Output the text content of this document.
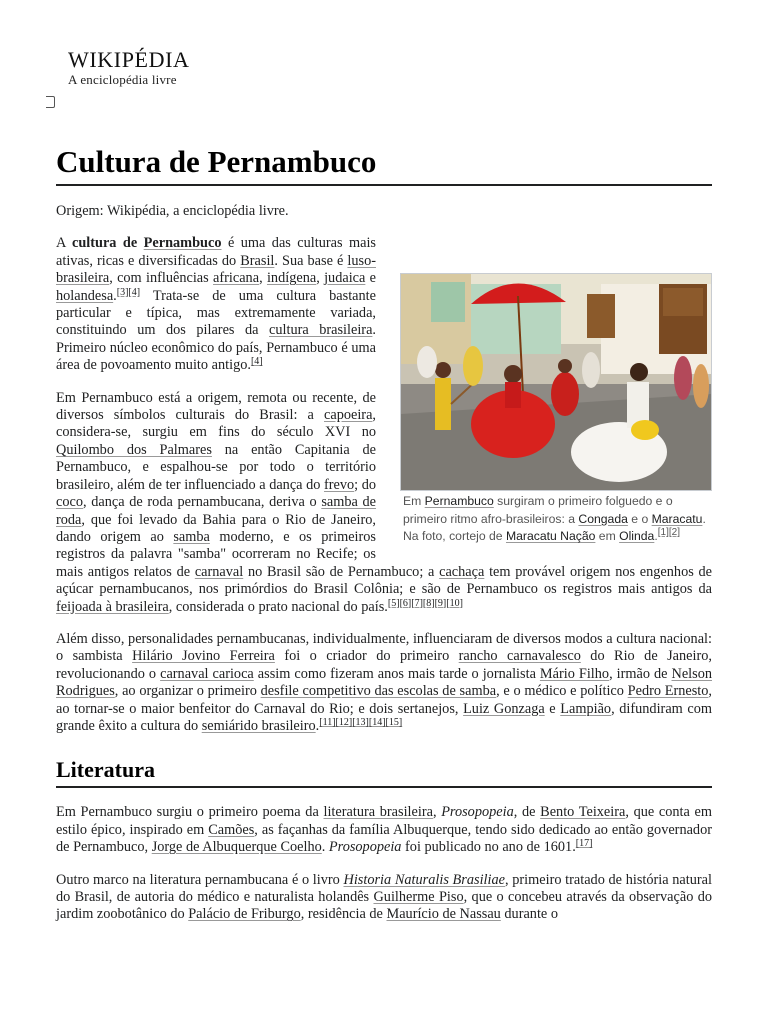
WIKIPÉDIA
A enciclopédia livre
Cultura de Pernambuco
Origem: Wikipédia, a enciclopédia livre.
Em Pernambuco surgiram o primeiro folguedo e o primeiro ritmo afro-brasileiros: a Congada e o Maracatu. Na foto, cortejo de Maracatu Nação em Olinda.[1][2]

A cultura de Pernambuco é uma das culturas mais ativas, ricas e diversificadas do Brasil. Sua base é luso-brasileira, com influências africana, indígena, judaica e holandesa.[3][4] Trata-se de uma cultura bastante particular e típica, mas extremamente variada, constituindo um dos pilares da cultura brasileira. Primeiro núcleo econômico do país, Pernambuco é uma área de povoamento muito antigo.[4]

Em Pernambuco está a origem, remota ou recente, de diversos símbolos culturais do Brasil: a capoeira, considera-se, surgiu em fins do século XVI no Quilombo dos Palmares na então Capitania de Pernambuco, e espalhou-se por todo o território brasileiro, além de ter influenciado a dança do frevo; do coco, dança de roda pernambucana, deriva o samba de roda, que foi levado da Bahia para o Rio de Janeiro, dando origem ao samba moderno, e os primeiros registros da palavra "samba" ocorreram no Recife; os mais antigos relatos de carnaval no Brasil são de Pernambuco; a cachaça tem provável origem nos engenhos de açúcar pernambucanos, nos primórdios do Brasil Colônia; e são de Pernambuco os registros mais antigos da feijoada à brasileira, considerada o prato nacional do país.[5][6][7][8][9][10]

Além disso, personalidades pernambucanas, individualmente, influenciaram de diversos modos a cultura nacional: o sambista Hilário Jovino Ferreira foi o criador do primeiro rancho carnavalesco do Rio de Janeiro, revolucionando o carnaval carioca assim como fizeram anos mais tarde o jornalista Mário Filho, irmão de Nelson Rodrigues, ao organizar o primeiro desfile competitivo das escolas de samba, e o médico e político Pedro Ernesto, ao tornar-se o maior benfeitor do Carnaval do Rio; e dois sertanejos, Luiz Gonzaga e Lampião, difundiram com grande êxito a cultura do semiárido brasileiro.[11][12][13][14][15]

Literatura

Em Pernambuco surgiu o primeiro poema da literatura brasileira, Prosopopeia, de Bento Teixeira, que conta em estilo épico, inspirado em Camões, as façanhas da família Albuquerque, tendo sido dedicado ao então governador de Pernambuco, Jorge de Albuquerque Coelho. Prosopopeia foi publicado no ano de 1601.[17]

Outro marco na literatura pernambucana é o livro Historia Naturalis Brasiliae, primeiro tratado de história natural do Brasil, de autoria do médico e naturalista holandês Guilherme Piso, que o concebeu através da observação do jardim zoobotânico do Palácio de Friburgo, residência de Maurício de Nassau durante o
